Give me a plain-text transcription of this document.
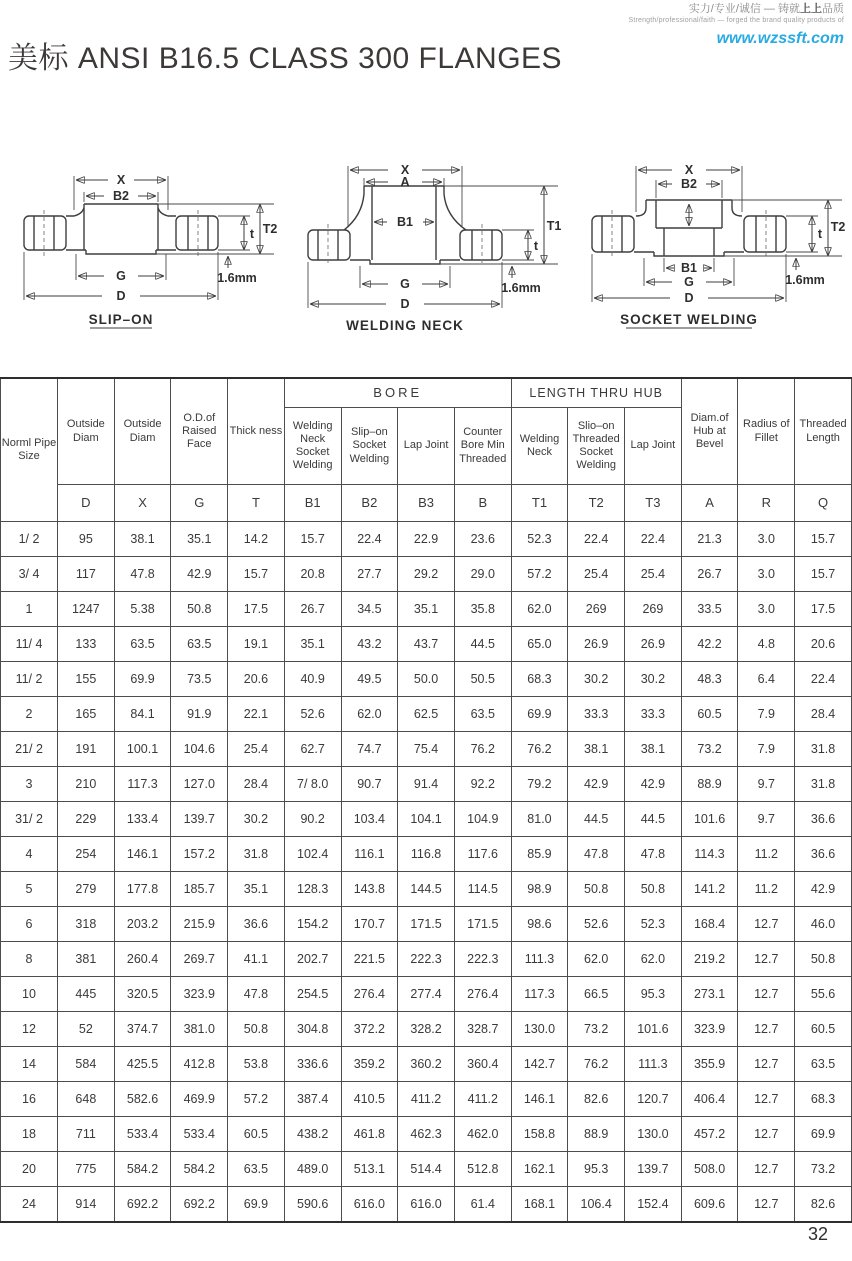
实力/专业/诚信 — 铸就上上品质
Strength/professional/faith — forged the brand quality products of
www.wzssft.com
美标 ANSI B16.5 CLASS 300 FLANGES
X
B2
G
D
T2
t
1.6mm
SLIP–ON
X
A
B1
G
D
T1
t
1.6mm
WELDING NECK
X
B2
B1
G
D
T2
t
1.6mm
SOCKET WELDING
Norml Pipe Size	Outside Diam	Outside Diam	O.D.of Raised Face	Thick ness	BORE				LENGTH THRU HUB			Diam.of Hub at Bevel	Radius of Fillet	Threaded Length
					Welding Neck Socket Welding	Slip–on Socket Welding	Lap Joint	Counter Bore Min Threaded	Welding Neck	Slio–on Threaded Socket Welding	Lap Joint			
	D	X	G	T	B1	B2	B3	B	T1	T2	T3	A	R	Q
1/ 2	95	38.1	35.1	14.2	15.7	22.4	22.9	23.6	52.3	22.4	22.4	21.3	3.0	15.7
3/ 4	117	47.8	42.9	15.7	20.8	27.7	29.2	29.0	57.2	25.4	25.4	26.7	3.0	15.7
1	1247	5.38	50.8	17.5	26.7	34.5	35.1	35.8	62.0	269	269	33.5	3.0	17.5
11/ 4	133	63.5	63.5	19.1	35.1	43.2	43.7	44.5	65.0	26.9	26.9	42.2	4.8	20.6
11/ 2	155	69.9	73.5	20.6	40.9	49.5	50.0	50.5	68.3	30.2	30.2	48.3	6.4	22.4
2	165	84.1	91.9	22.1	52.6	62.0	62.5	63.5	69.9	33.3	33.3	60.5	7.9	28.4
21/ 2	191	100.1	104.6	25.4	62.7	74.7	75.4	76.2	76.2	38.1	38.1	73.2	7.9	31.8
3	210	117.3	127.0	28.4	7/ 8.0	90.7	91.4	92.2	79.2	42.9	42.9	88.9	9.7	31.8
31/ 2	229	133.4	139.7	30.2	90.2	103.4	104.1	104.9	81.0	44.5	44.5	101.6	9.7	36.6
4	254	146.1	157.2	31.8	102.4	116.1	116.8	117.6	85.9	47.8	47.8	114.3	11.2	36.6
5	279	177.8	185.7	35.1	128.3	143.8	144.5	114.5	98.9	50.8	50.8	141.2	11.2	42.9
6	318	203.2	215.9	36.6	154.2	170.7	171.5	171.5	98.6	52.6	52.3	168.4	12.7	46.0
8	381	260.4	269.7	41.1	202.7	221.5	222.3	222.3	111.3	62.0	62.0	219.2	12.7	50.8
10	445	320.5	323.9	47.8	254.5	276.4	277.4	276.4	117.3	66.5	95.3	273.1	12.7	55.6
12	52	374.7	381.0	50.8	304.8	372.2	328.2	328.7	130.0	73.2	101.6	323.9	12.7	60.5
14	584	425.5	412.8	53.8	336.6	359.2	360.2	360.4	142.7	76.2	111.3	355.9	12.7	63.5
16	648	582.6	469.9	57.2	387.4	410.5	411.2	411.2	146.1	82.6	120.7	406.4	12.7	68.3
18	711	533.4	533.4	60.5	438.2	461.8	462.3	462.0	158.8	88.9	130.0	457.2	12.7	69.9
20	775	584.2	584.2	63.5	489.0	513.1	514.4	512.8	162.1	95.3	139.7	508.0	12.7	73.2
24	914	692.2	692.2	69.9	590.6	616.0	616.0	61.4	168.1	106.4	152.4	609.6	12.7	82.6
32
